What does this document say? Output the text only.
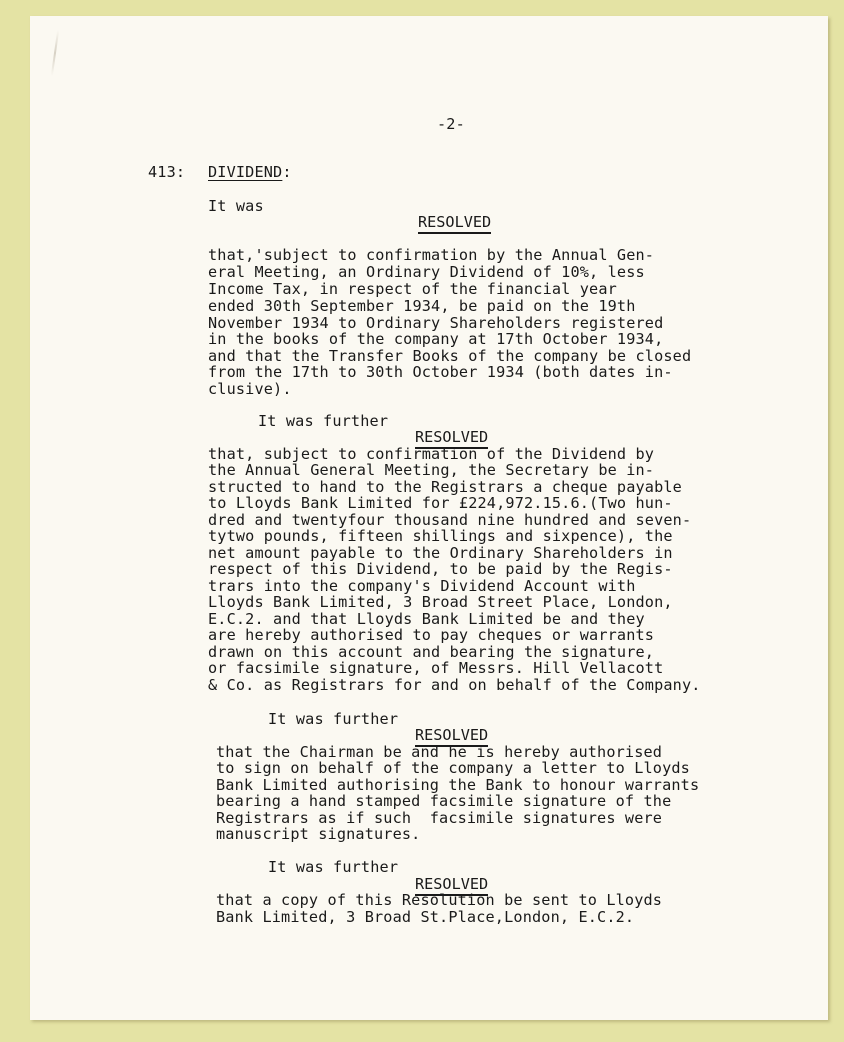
-2-
413: DIVIDEND:
It was
RESOLVED
that,'subject to confirmation by the Annual Gen-
eral Meeting, an Ordinary Dividend of 10%, less
Income Tax, in respect of the financial year
ended 30th September 1934, be paid on the 19th
November 1934 to Ordinary Shareholders registered
in the books of the company at 17th October 1934,
and that the Transfer Books of the company be closed
from the 17th to 30th October 1934 (both dates in-
clusive).
It was further
RESOLVED
that, subject to confirmation of the Dividend by
the Annual General Meeting, the Secretary be in-
structed to hand to the Registrars a cheque payable
to Lloyds Bank Limited for £224,972.15.6.(Two hun-
dred and twentyfour thousand nine hundred and seven-
tytwo pounds, fifteen shillings and sixpence), the
net amount payable to the Ordinary Shareholders in
respect of this Dividend, to be paid by the Regis-
trars into the company's Dividend Account with
Lloyds Bank Limited, 3 Broad Street Place, London,
E.C.2. and that Lloyds Bank Limited be and they
are hereby authorised to pay cheques or warrants
drawn on this account and bearing the signature,
or facsimile signature, of Messrs. Hill Vellacott
& Co. as Registrars for and on behalf of the Company.
It was further
RESOLVED
that the Chairman be and he is hereby authorised
to sign on behalf of the company a letter to Lloyds
Bank Limited authorising the Bank to honour warrants
bearing a hand stamped facsimile signature of the
Registrars as if such  facsimile signatures were
manuscript signatures.
It was further
RESOLVED
that a copy of this Resolution be sent to Lloyds
Bank Limited, 3 Broad St.Place,London, E.C.2.
